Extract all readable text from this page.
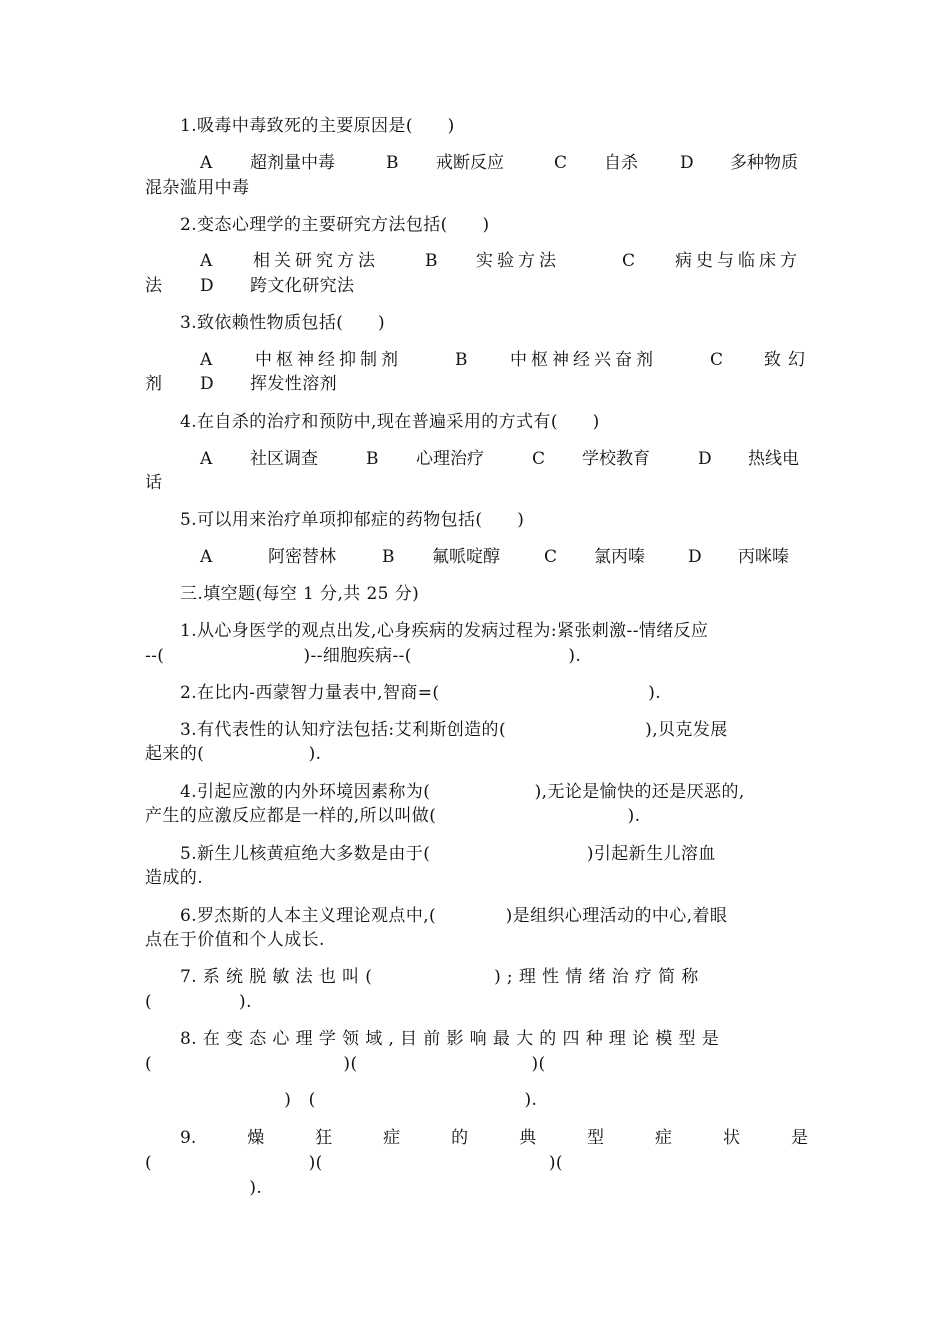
1.吸毒中毒致死的主要原因是(　　)
A 超剂量中毒	B 戒断反应	C 自杀 D 多种物质
混杂滥用中毒
2.变态心理学的主要研究方法包括(　　)
A 相关研究方法	B 实验方法	C 病史与临床方
法 D 跨文化研究法
3.致依赖性物质包括(　　)
A	中枢神经抑制剂	B	中枢神经兴奋剂	C 致幻
剂 D 挥发性溶剂
4.在自杀的治疗和预防中,现在普遍采用的方式有(　　)
A 社区调查	B 心理治疗	C 学校教育	D 热线电
话
5.可以用来治疗单项抑郁症的药物包括(　　)
A	阿密替林	B 氟哌啶醇	C 氯丙嗪	D 丙咪嗪
三.填空题(每空 1 分,共 25 分)
1.从心身医学的观点出发,心身疾病的发病过程为:紧张刺激--情绪反应
--(　　　　　　　　)--细胞疾病--(　　　　　　　　　).
2.在比内-西蒙智力量表中,智商=(　　　　　　　　　　　　).
3.有代表性的认知疗法包括:艾利斯创造的(　　　　　　　　),贝克发展
起来的(　　　　　　).
4.引起应激的内外环境因素称为(　　　　　　),无论是愉快的还是厌恶的,
产生的应激反应都是一样的,所以叫做(　　　　　　　　　　　).
5.新生儿核黄疸绝大多数是由于(　　　　　　　　　)引起新生儿溶血
造成的.
6.罗杰斯的人本主义理论观点中,(　　　　)是组织心理活动的中心,着眼
点在于价值和个人成长.
7. 系 统 脱 敏 法 也 叫 (　　　　　　　) ; 理 性 情 绪 治 疗 简 称
(　　　　　).
8. 在 变 态 心 理 学 领 域 , 目 前 影 响 最 大 的 四 种 理 论 模 型 是
(　　　　　　　　　　　)(　　　　　　　　　　)(
　　　　　　　　)　(　　　　　　　　　　　　).
9.	燥	狂	症	的	典	型	症	状	是
(　　　　　　　　　)(　　　　　　　　　　　　　)(
　　　　　　).
